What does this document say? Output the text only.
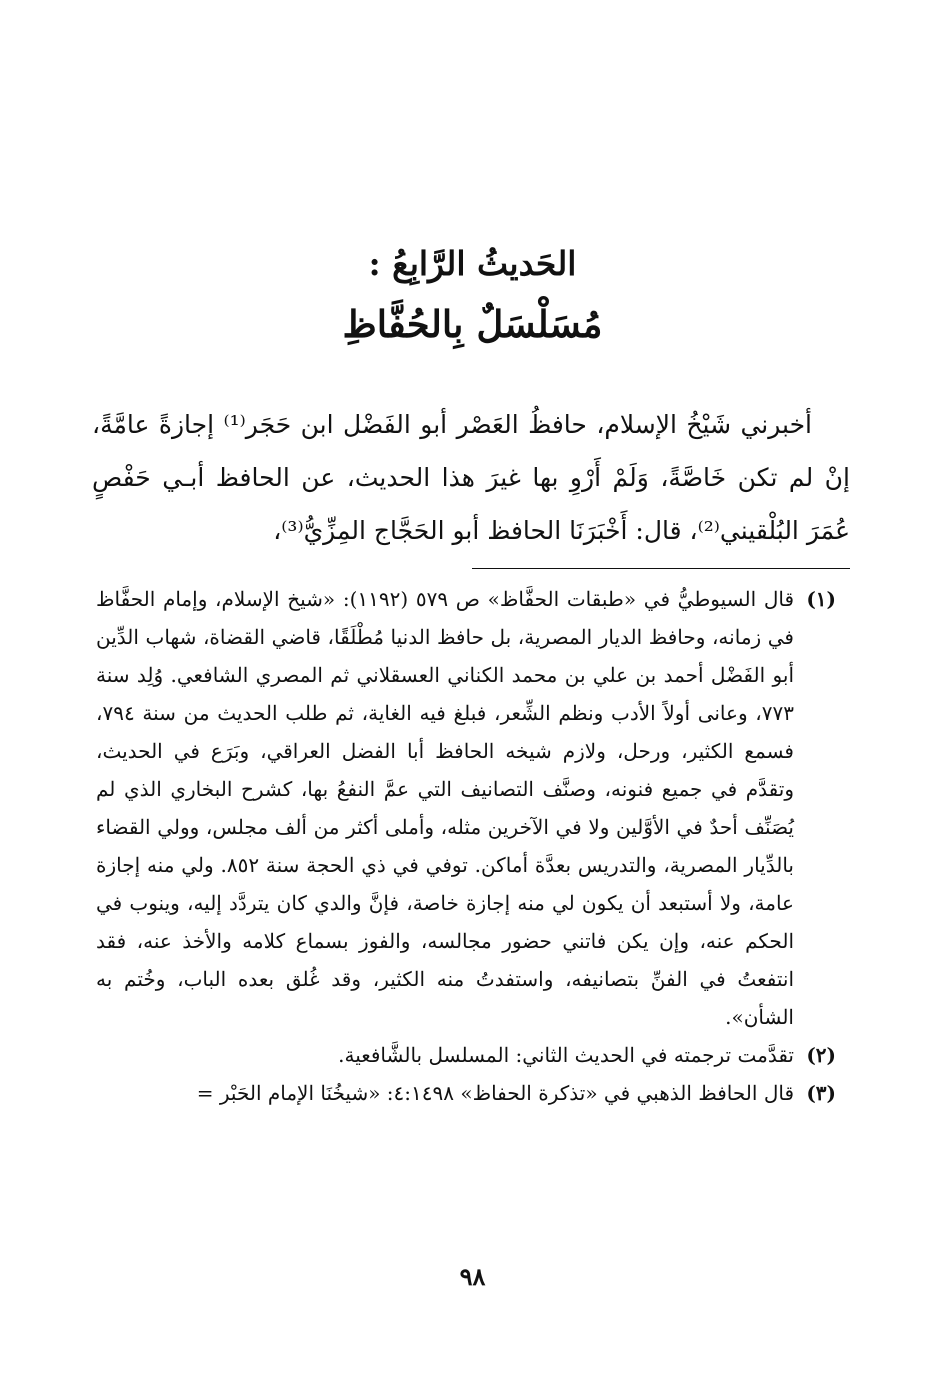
الحَديثُ الرَّابِعُ :
مُسَلْسَلٌ بِالحُفَّاظِ

أخبرني شَيْخُ الإسلام، حافظُ العَصْر أبو الفَضْل ابن حَجَر⁽¹⁾ إجازةً عامَّةً، إنْ لم تكن خَاصَّةً، وَلَمْ أَرْوِ بها غيرَ هذا الحديث، عن الحافظ أبـي حَفْصٍ عُمَرَ البُلْقيني⁽²⁾، قال: أَخْبَرَنَا الحافظ أبو الحَجَّاج المِزِّيُّ⁽³⁾،

(١)
قال السيوطيُّ في «طبقات الحفَّاظ» ص ٥٧٩ (١١٩٢): «شيخ الإسلام، وإمام الحفَّاظ في زمانه، وحافظ الديار المصرية، بل حافظ الدنيا مُطْلَقًا، قاضي القضاة، شهاب الدِّين أبو الفَضْل أحمد بن علي بن محمد الكناني العسقلاني ثم المصري الشافعي. وُلِد سنة ٧٧٣، وعانى أولاً الأدب ونظم الشِّعر، فبلغ فيه الغاية، ثم طلب الحديث من سنة ٧٩٤، فسمع الكثير، ورحل، ولازم شيخه الحافظ أبا الفضل العراقي، وبَرَع في الحديث، وتقدَّم في جميع فنونه، وصنَّف التصانيف التي عمَّ النفعُ بها، كشرح البخاري الذي لم يُصَنِّف أحدٌ في الأوَّلين ولا في الآخرين مثله، وأملى أكثر من ألف مجلس، وولي القضاء بالدِّيار المصرية، والتدريس بعدَّة أماكن. توفي في ذي الحجة سنة ٨٥٢. ولي منه إجازة عامة، ولا أستبعد أن يكون لي منه إجازة خاصة، فإنَّ والدي كان يتردَّد إليه، وينوب في الحكم عنه، وإن يكن فاتني حضور مجالسه، والفوز بسماع كلامه والأخذ عنه، فقد انتفعتُ في الفنِّ بتصانيفه، واستفدتُ منه الكثير، وقد غُلق بعده الباب، وخُتم به الشأن».
(٢)
تقدَّمت ترجمته في الحديث الثاني: المسلسل بالشَّافعية.
(٣)
قال الحافظ الذهبي في «تذكرة الحفاظ» ٤:١٤٩٨: «شيخُنَا الإمام الحَبْر =
٩٨
